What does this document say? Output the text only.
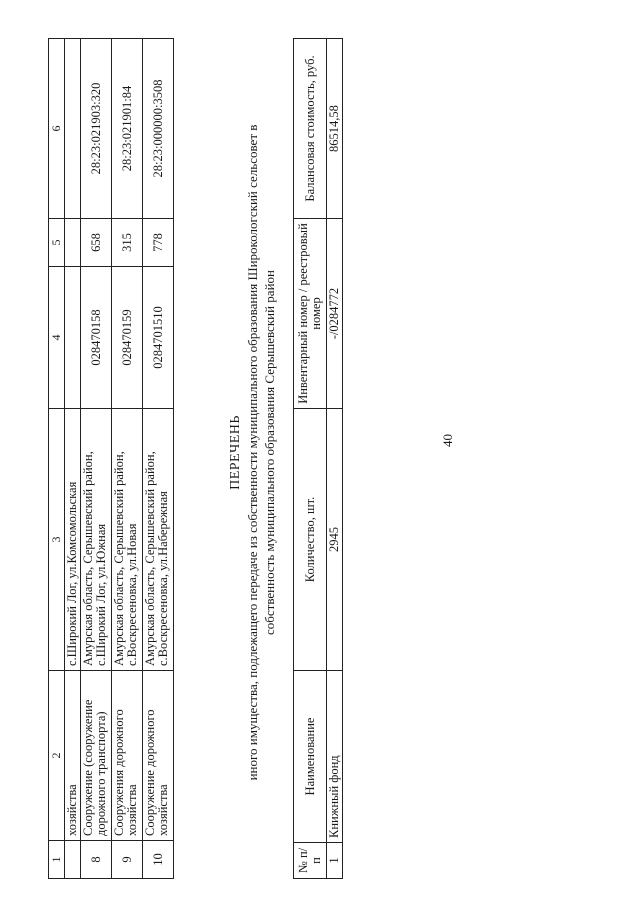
40
1	2	3	4	5	6
	хозяйства	с.Широкий Лог, ул.Комсомольская			
8	Сооружение (сооружение дорожного транспорта)	Амурская область, Серышевский район, с.Широкий Лог, ул.Южная	028470158	658	28:23:021903:320
9	Сооружения дорожного хозяйства	Амурская область, Серышевский район, с.Воскресеновка, ул.Новая	028470159	315	28:23:021901:84
10	Сооружение дорожного хозяйства	Амурская область, Серышевский район, с.Воскресеновка, ул.Набережная	0284701510	778	28:23:000000:3508
ПЕРЕЧЕНЬ иного имущества, подлежащего передаче из собственности муниципального образования Широкологский сельсовет в собственность муниципального образования Серышевский район
№ п/п	Наименование	Количество, шт.	Инвентарный номер / реестровый номер	Балансовая стоимость, руб.
1	Книжный фонд	2945	-/0284772	86514,58
